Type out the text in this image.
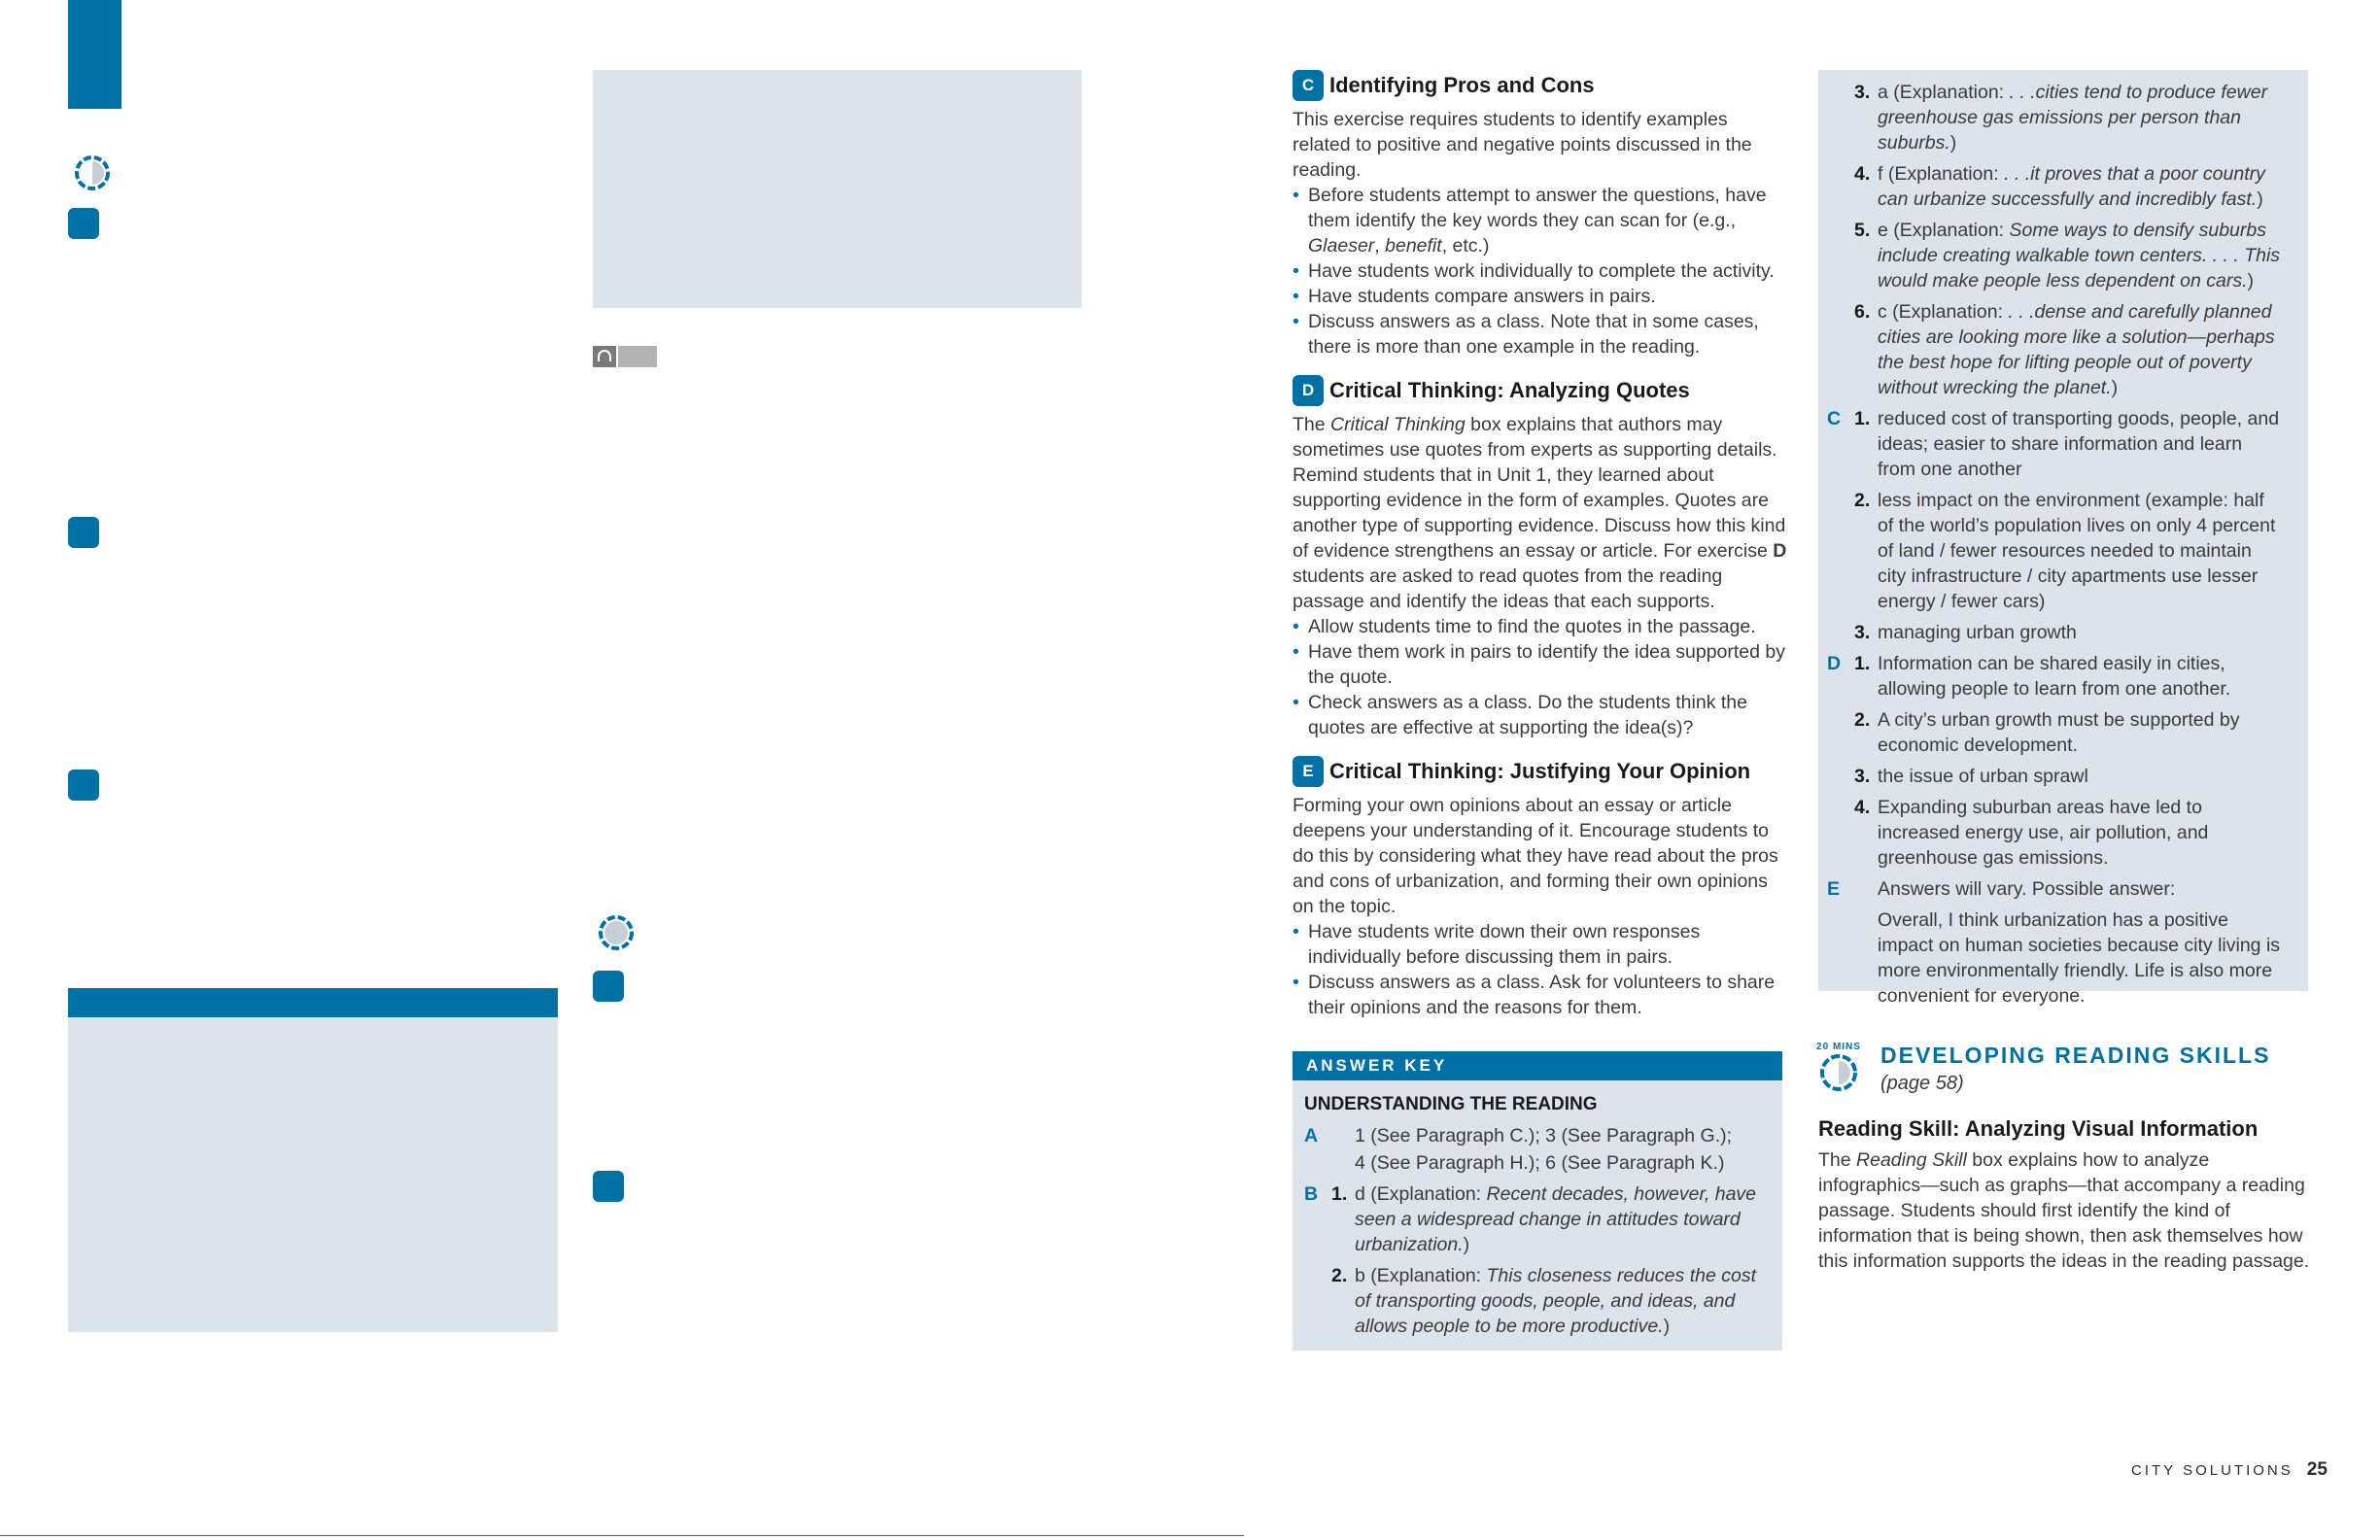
C Identifying Pros and Cons

This exercise requires students to identify examples related to positive and negative points discussed in the reading.

• Before students attempt to answer the questions, have them identify the key words they can scan for (e.g., Glaeser, benefit, etc.)
• Have students work individually to complete the activity.
• Have students compare answers in pairs.
• Discuss answers as a class. Note that in some cases, there is more than one example in the reading.
D Critical Thinking: Analyzing Quotes

The Critical Thinking box explains that authors may sometimes use quotes from experts as supporting details. Remind students that in Unit 1, they learned about supporting evidence in the form of examples. Quotes are another type of supporting evidence. Discuss how this kind of evidence strengthens an essay or article. For exercise D students are asked to read quotes from the reading passage and identify the ideas that each supports.

• Allow students time to find the quotes in the passage.
• Have them work in pairs to identify the idea supported by the quote.
• Check answers as a class. Do the students think the quotes are effective at supporting the idea(s)?
E Critical Thinking: Justifying Your Opinion

Forming your own opinions about an essay or article deepens your understanding of it. Encourage students to do this by considering what they have read about the pros and cons of urbanization, and forming their own opinions on the topic.

• Have students write down their own responses individually before discussing them in pairs.
• Discuss answers as a class. Ask for volunteers to share their opinions and the reasons for them.
ANSWER KEY
UNDERSTANDING THE READING
A	1 (See Paragraph C.); 3 (See Paragraph G.);
4 (See Paragraph H.); 6 (See Paragraph K.)
B 1. d (Explanation: Recent decades, however, have seen a widespread change in attitudes toward urbanization.)
2. b (Explanation: This closeness reduces the cost of transporting goods, people, and ideas, and allows people to be more productive.)
3. a (Explanation: . . .cities tend to produce fewer greenhouse gas emissions per person than suburbs.)
4. f (Explanation: . . .it proves that a poor country can urbanize successfully and incredibly fast.)
5. e (Explanation: Some ways to densify suburbs include creating walkable town centers. . . . This would make people less dependent on cars.)
6. c (Explanation: . . .dense and carefully planned cities are looking more like a solution—perhaps the best hope for lifting people out of poverty without wrecking the planet.)
C 1. reduced cost of transporting goods, people, and ideas; easier to share information and learn from one another
2. less impact on the environment (example: half of the world’s population lives on only 4 percent of land / fewer resources needed to maintain city infrastructure / city apartments use lesser energy / fewer cars)
3. managing urban growth
D 1. Information can be shared easily in cities, allowing people to learn from one another.
2. A city’s urban growth must be supported by economic development.
3. the issue of urban sprawl
4. Expanding suburban areas have led to increased energy use, air pollution, and greenhouse gas emissions.
E	Answers will vary. Possible answer:
Overall, I think urbanization has a positive impact on human societies because city living is more environmentally friendly. Life is also more convenient for everyone.
20 MINS DEVELOPING READING SKILLS
(page 58)
Reading Skill: Analyzing Visual Information

The Reading Skill box explains how to analyze infographics—such as graphs—that accompany a reading passage. Students should first identify the kind of information that is being shown, then ask themselves how this information supports the ideas in the reading passage.

CITY SOLUTIONS 25
